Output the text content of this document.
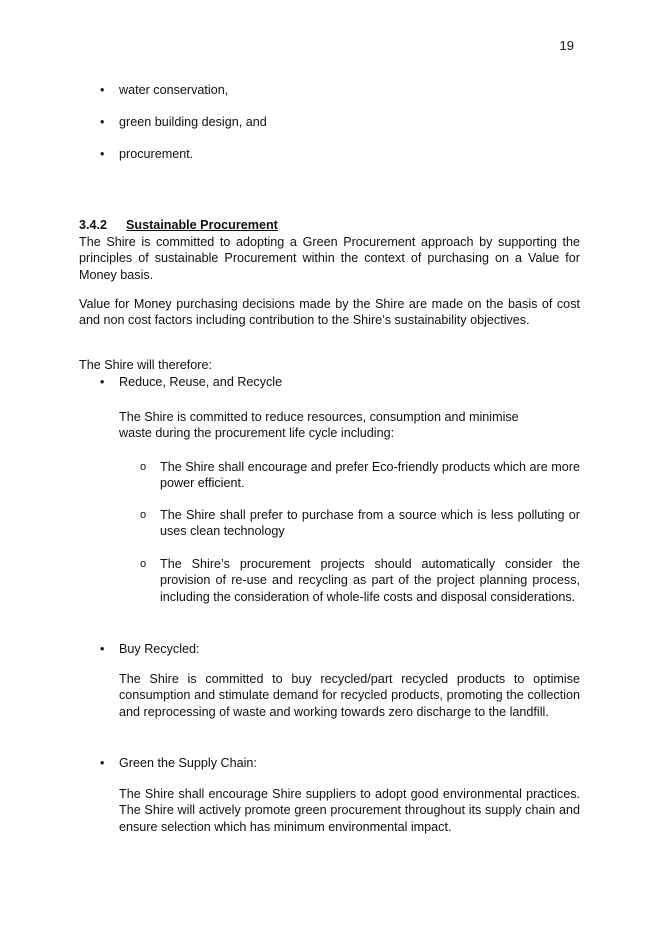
19
• water conservation,
• green building design, and
• procurement.
3.4.2 Sustainable Procurement

The Shire is committed to adopting a Green Procurement approach by supporting the principles of sustainable Procurement within the context of purchasing on a Value for Money basis.

Value for Money purchasing decisions made by the Shire are made on the basis of cost and non cost factors including contribution to the Shire’s sustainability objectives.

The Shire will therefore:

• Reduce, Reuse, and Recycle

The Shire is committed to reduce resources, consumption and minimise waste during the procurement life cycle including:

o The Shire shall encourage and prefer Eco-friendly products which are more power efficient.
o The Shire shall prefer to purchase from a source which is less polluting or uses clean technology
o The Shire’s procurement projects should automatically consider the provision of re-use and recycling as part of the project planning process, including the consideration of whole-life costs and disposal considerations.
• Buy Recycled:

The Shire is committed to buy recycled/part recycled products to optimise consumption and stimulate demand for recycled products, promoting the collection and reprocessing of waste and working towards zero discharge to the landfill.

• Green the Supply Chain:

The Shire shall encourage Shire suppliers to adopt good environmental practices. The Shire will actively promote green procurement throughout its supply chain and ensure selection which has minimum environmental impact.
